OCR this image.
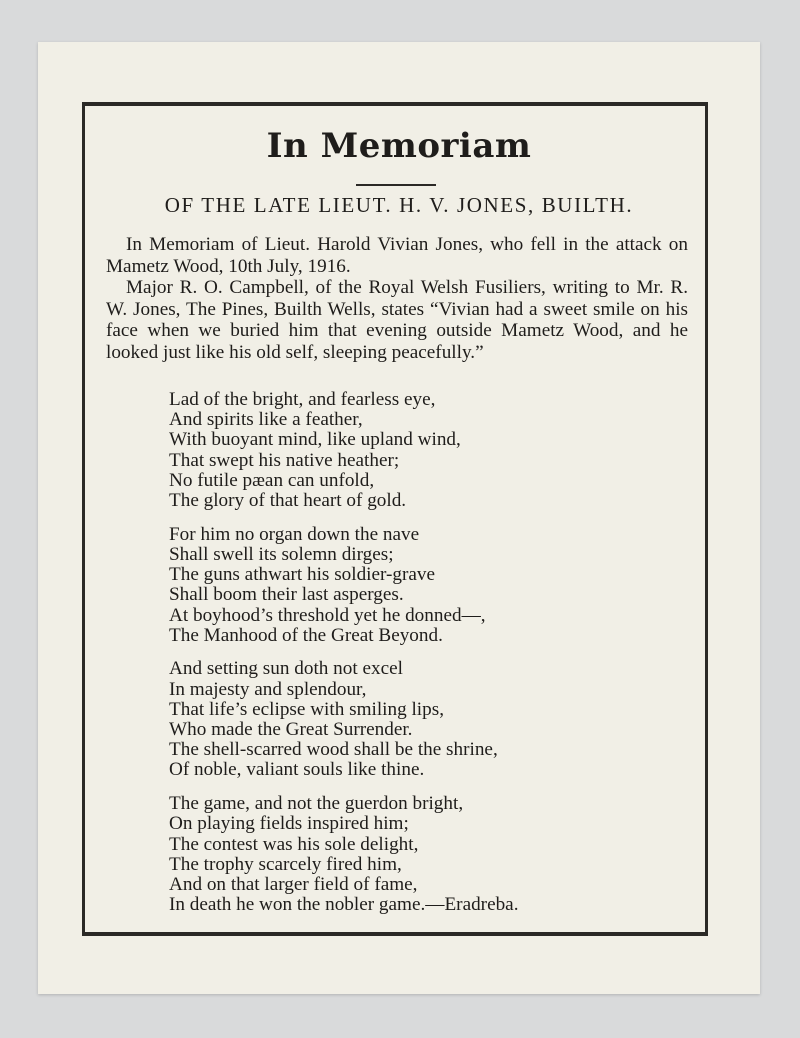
In Memoriam
OF THE LATE LIEUT. H. V. JONES, BUILTH.

In Memoriam of Lieut. Harold Vivian Jones, who fell in the attack on Mametz Wood, 10th July, 1916.

Major R. O. Campbell, of the Royal Welsh Fusiliers, writing to Mr. R. W. Jones, The Pines, Builth Wells, states “Vivian had a sweet smile on his face when we buried him that evening outside Mametz Wood, and he looked just like his old self, sleeping peacefully.”

Lad of the bright, and fearless eye,
And spirits like a feather,
With buoyant mind, like upland wind,
That swept his native heather;
No futile pæan can unfold,
The glory of that heart of gold.
For him no organ down the nave
Shall swell its solemn dirges;
The guns athwart his soldier-grave
Shall boom their last asperges.
At boyhood’s threshold yet he donned—,
The Manhood of the Great Beyond.
And setting sun doth not excel
In majesty and splendour,
That life’s eclipse with smiling lips,
Who made the Great Surrender.
The shell-scarred wood shall be the shrine,
Of noble, valiant souls like thine.
The game, and not the guerdon bright,
On playing fields inspired him;
The contest was his sole delight,
The trophy scarcely fired him,
And on that larger field of fame,
In death he won the nobler game.—Eradreba.
